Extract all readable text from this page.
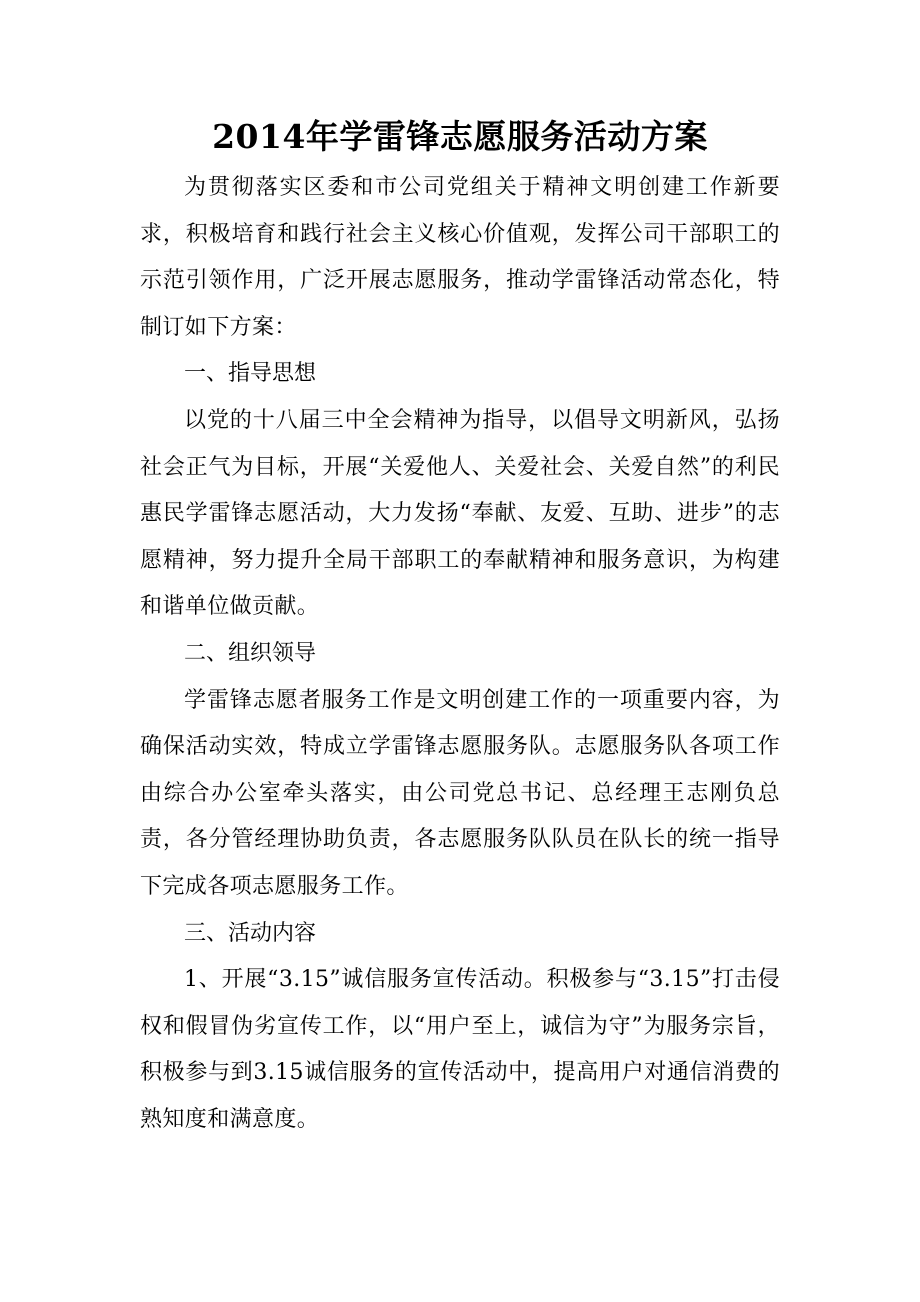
2014年学雷锋志愿服务活动方案

为贯彻落实区委和市公司党组关于精神文明创建工作新要求，积极培育和践行社会主义核心价值观，发挥公司干部职工的示范引领作用，广泛开展志愿服务，推动学雷锋活动常态化，特制订如下方案：

一、指导思想

以党的十八届三中全会精神为指导，以倡导文明新风，弘扬社会正气为目标，开展“关爱他人、关爱社会、关爱自然”的利民惠民学雷锋志愿活动，大力发扬“奉献、友爱、互助、进步”的志愿精神，努力提升全局干部职工的奉献精神和服务意识，为构建和谐单位做贡献。

二、组织领导

学雷锋志愿者服务工作是文明创建工作的一项重要内容，为确保活动实效，特成立学雷锋志愿服务队。志愿服务队各项工作由综合办公室牵头落实，由公司党总书记、总经理王志刚负总责，各分管经理协助负责，各志愿服务队队员在队长的统一指导下完成各项志愿服务工作。

三、活动内容

1、开展“3.15”诚信服务宣传活动。积极参与“3.15”打击侵权和假冒伪劣宣传工作，以“用户至上，诚信为守”为服务宗旨，积极参与到3.15诚信服务的宣传活动中，提高用户对通信消费的熟知度和满意度。
